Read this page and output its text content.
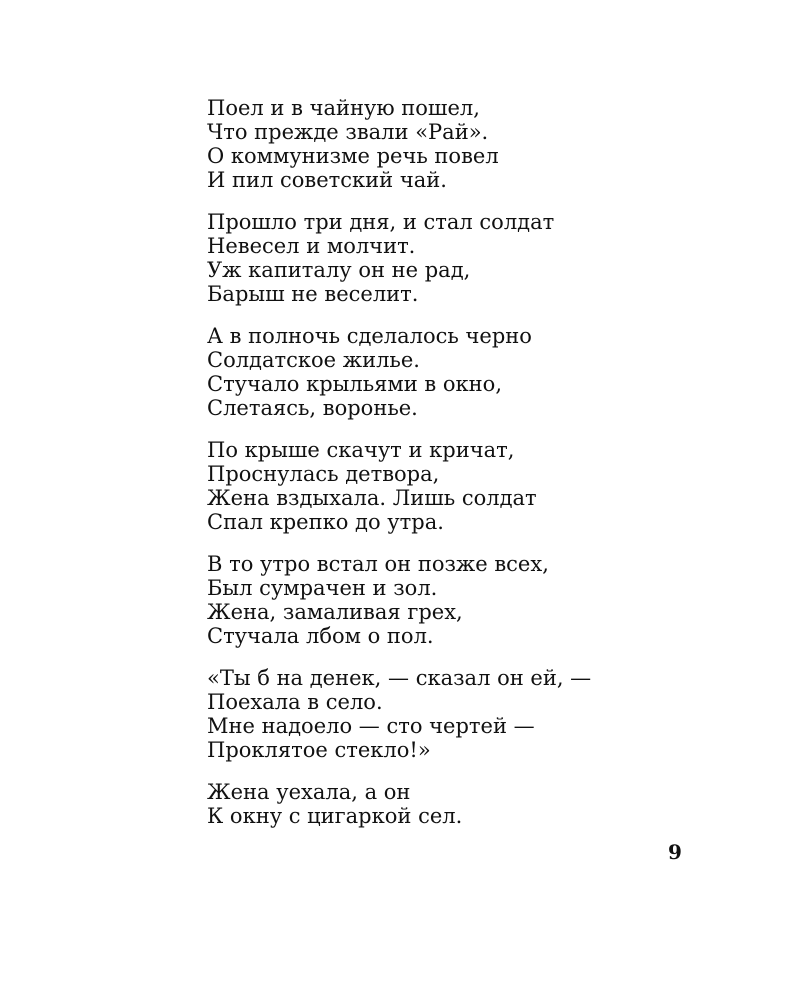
Поел и в чайную пошел,
Что прежде звали «Рай».
О коммунизме речь повел
И пил советский чай.
Прошло три дня, и стал солдат
Невесел и молчит.
Уж капиталу он не рад,
Барыш не веселит.
А в полночь сделалось черно
Солдатское жилье.
Стучало крыльями в окно,
Слетаясь, воронье.
По крыше скачут и кричат,
Проснулась детвора,
Жена вздыхала. Лишь солдат
Спал крепко до утра.
В то утро встал он позже всех,
Был сумрачен и зол.
Жена, замаливая грех,
Стучала лбом о пол.
«Ты б на денек, — сказал он ей, —
Поехала в село.
Мне надоело — сто чертей —
Проклятое стекло!»
Жена уехала, а он
К окну с цигаркой сел.
9
